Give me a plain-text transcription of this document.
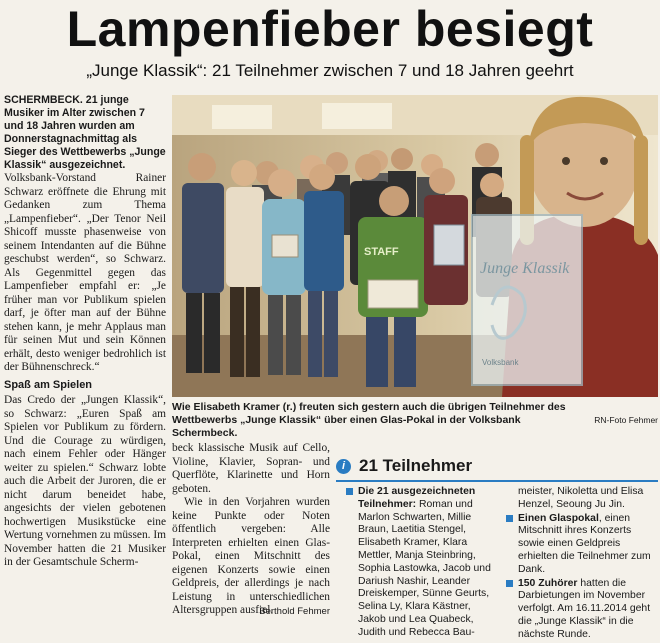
Lampenfieber besiegt
„Junge Klassik“: 21 Teilnehmer zwischen 7 und 18 Jahren geehrt

SCHERMBECK. 21 junge Musiker im Alter zwischen 7 und 18 Jahren wurden am Donnerstagnachmittag als Sieger des Wettbewerbs „Junge Klassik“ ausgezeichnet.

Volksbank-Vorstand Rainer Schwarz eröffnete die Ehrung mit Gedanken zum Thema „Lampenfieber“. „Der Tenor Neil Shicoff musste phasenweise von seinem Intendanten auf die Bühne geschubst werden“, so Schwarz. Als Gegenmittel gegen das Lampenfieber empfahl er: „Je früher man vor Publikum spielen darf, je öfter man auf der Bühne stehen kann, je mehr Applaus man für seinen Mut und sein Können erhält, desto weniger bedrohlich ist der Bühnenschreck.“

Spaß am Spielen

Das Credo der „Jungen Klassik“, so Schwarz: „Euren Spaß am Spielen vor Publikum zu fördern. Und die Courage zu würdigen, nach einem Fehler oder Hänger weiter zu spielen.“ Schwarz lobte auch die Arbeit der Juroren, die er nicht darum beneidet habe, angesichts der vielen gebotenen hochwertigen Musikstücke eine Wertung vornehmen zu müssen. Im November hatten die 21 Musiker in der Gesamtschule Scherm-

STAFF
Junge Klassik
Volksbank
Wie Elisabeth Kramer (r.) freuten sich gestern auch die übrigen Teilnehmer des Wettbewerbs „Junge Klassik“ über einen Glas-Pokal in der Volksbank Schermbeck.
RN-Foto Fehmer

beck klassische Musik auf Cello, Violine, Klavier, Sopran- und Querflöte, Klarinette und Horn geboten.

Wie in den Vorjahren wurden keine Punkte oder Noten öffentlich vergeben: Alle Interpreten erhielten einen Glas-Pokal, einen Mitschnitt des eigenen Konzerts sowie einen Geldpreis, der allerdings je nach Leistung in unterschiedlichen Altersgruppen ausfiel.

Berthold Fehmer
i 21 Teilnehmer
Die 21 ausgezeichneten Teilnehmer: Roman und Marlon Schwarten, Millie Braun, Laetitia Stengel, Elisabeth Kramer, Klara Mettler, Manja Steinbring, Sophia Lastowka, Jacob und Dariush Nashir, Leander Dreiskemper, Sünne Geurts, Selina Ly, Klara Kästner, Jakob und Lea Quabeck, Judith und Rebecca Bau-
meister, Nikoletta und Elisa Henzel, Seoung Ju Jin.
Einen Glaspokal, einen Mitschnitt ihres Konzerts sowie einen Geldpreis erhielten die Teilnehmer zum Dank.
150 Zuhörer hatten die Darbietungen im November verfolgt. Am 16.11.2014 geht die „Junge Klassik“ in die nächste Runde.
